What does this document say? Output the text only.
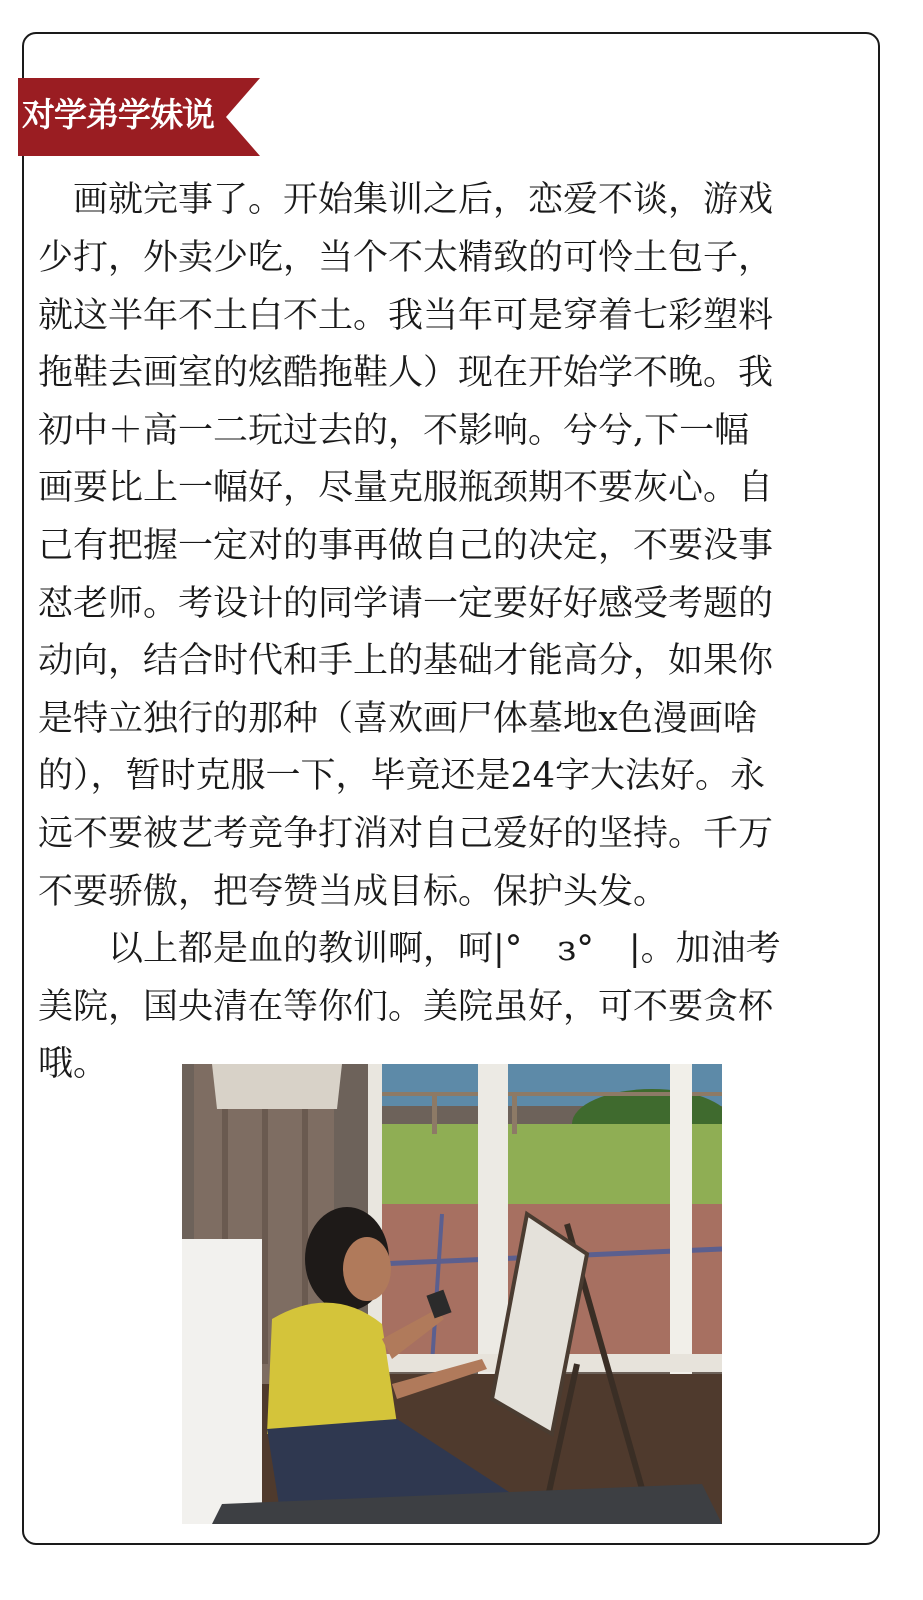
对学弟学妹说
　画就完事了。开始集训之后，恋爱不谈，游戏
少打，外卖少吃，当个不太精致的可怜土包子，
就这半年不土白不土。我当年可是穿着七彩塑料
拖鞋去画室的炫酷拖鞋人）现在开始学不晚。我
初中＋高一二玩过去的，不影响。兮兮,下一幅
画要比上一幅好，尽量克服瓶颈期不要灰心。自
己有把握一定对的事再做自己的决定，不要没事
怼老师。考设计的同学请一定要好好感受考题的
动向，结合时代和手上的基础才能高分，如果你
是特立独行的那种（喜欢画尸体墓地x色漫画啥
的），暂时克服一下，毕竟还是24字大法好。永
远不要被艺考竞争打消对自己爱好的坚持。千万
不要骄傲，把夸赞当成目标。保护头发。
　　以上都是血的教训啊，呵|°　з°　|。加油考
美院，国央清在等你们。美院虽好，可不要贪杯
哦。
